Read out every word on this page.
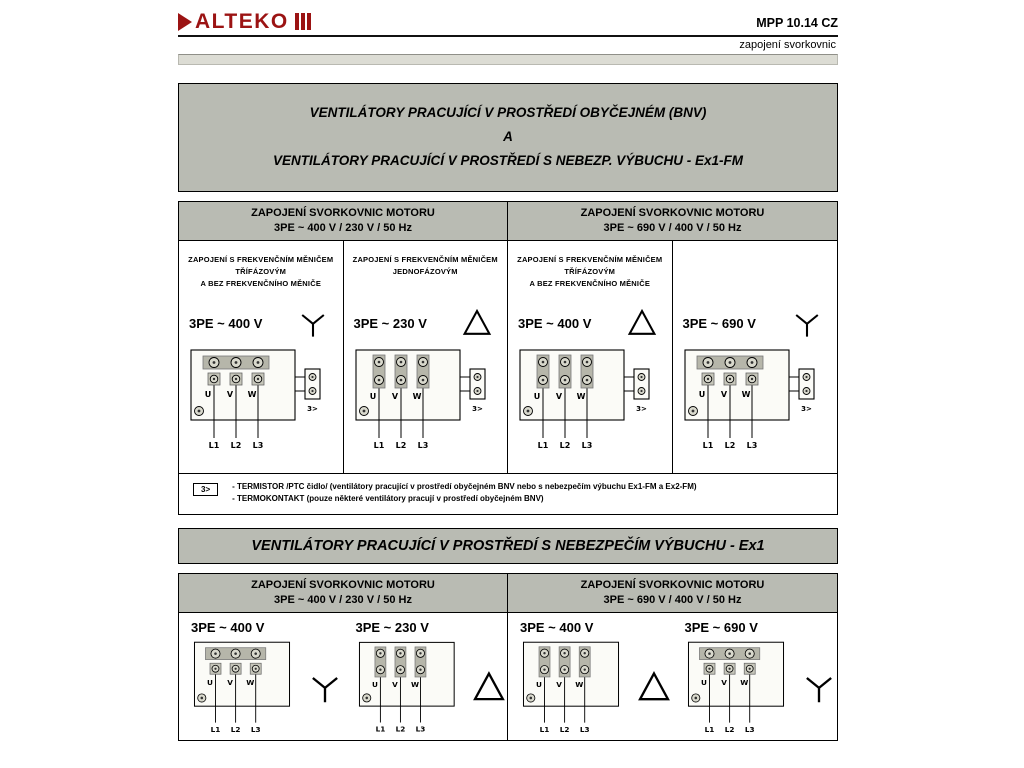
ALTEKO	MPP 10.14 CZ
zapojení svorkovnic
VENTILÁTORY PRACUJÍCÍ V PROSTŘEDÍ OBYČEJNÉM (BNV)
A
VENTILÁTORY PRACUJÍCÍ V PROSTŘEDÍ S NEBEZP. VÝBUCHU - Ex1-FM
ZAPOJENÍ SVORKOVNIC MOTORU
3PE ~ 400 V / 230 V / 50 Hz
ZAPOJENÍ SVORKOVNIC MOTORU
3PE ~ 690 V / 400 V / 50 Hz
ZAPOJENÍ S FREKVENČNÍM MĚNIČEM
TŘÍFÁZOVÝM
A BEZ FREKVENČNÍHO MĚNIČE
3PE ~ 400 V
U V W
3>
L1 L2 L3
ZAPOJENÍ S FREKVENČNÍM MĚNIČEM
JEDNOFÁZOVÝM
3PE ~ 230 V
U V W
3>
L1 L2 L3
ZAPOJENÍ S FREKVENČNÍM MĚNIČEM
TŘÍFÁZOVÝM
A BEZ FREKVENČNÍHO MĚNIČE
3PE ~ 400 V
U V W
3>
L1 L2 L3
3PE ~ 690 V
U V W
3>
L1 L2 L3
3>	- TERMISTOR /PTC čidlo/ (ventilátory pracující v prostředí obyčejném BNV nebo s nebezpečím výbuchu Ex1-FM a Ex2-FM)
- TERMOKONTAKT (pouze některé ventilátory pracují v prostředí obyčejném BNV)
VENTILÁTORY PRACUJÍCÍ V PROSTŘEDÍ S NEBEZPEČÍM VÝBUCHU - Ex1
ZAPOJENÍ SVORKOVNIC MOTORU
3PE ~ 400 V / 230 V / 50 Hz
ZAPOJENÍ SVORKOVNIC MOTORU
3PE ~ 690 V / 400 V / 50 Hz
3PE ~ 400 V
U V W
L1 L2 L3
3PE ~ 230 V
U V W
L1 L2 L3
3PE ~ 400 V
U V W
L1 L2 L3
3PE ~ 690 V
U V W
L1 L2 L3
